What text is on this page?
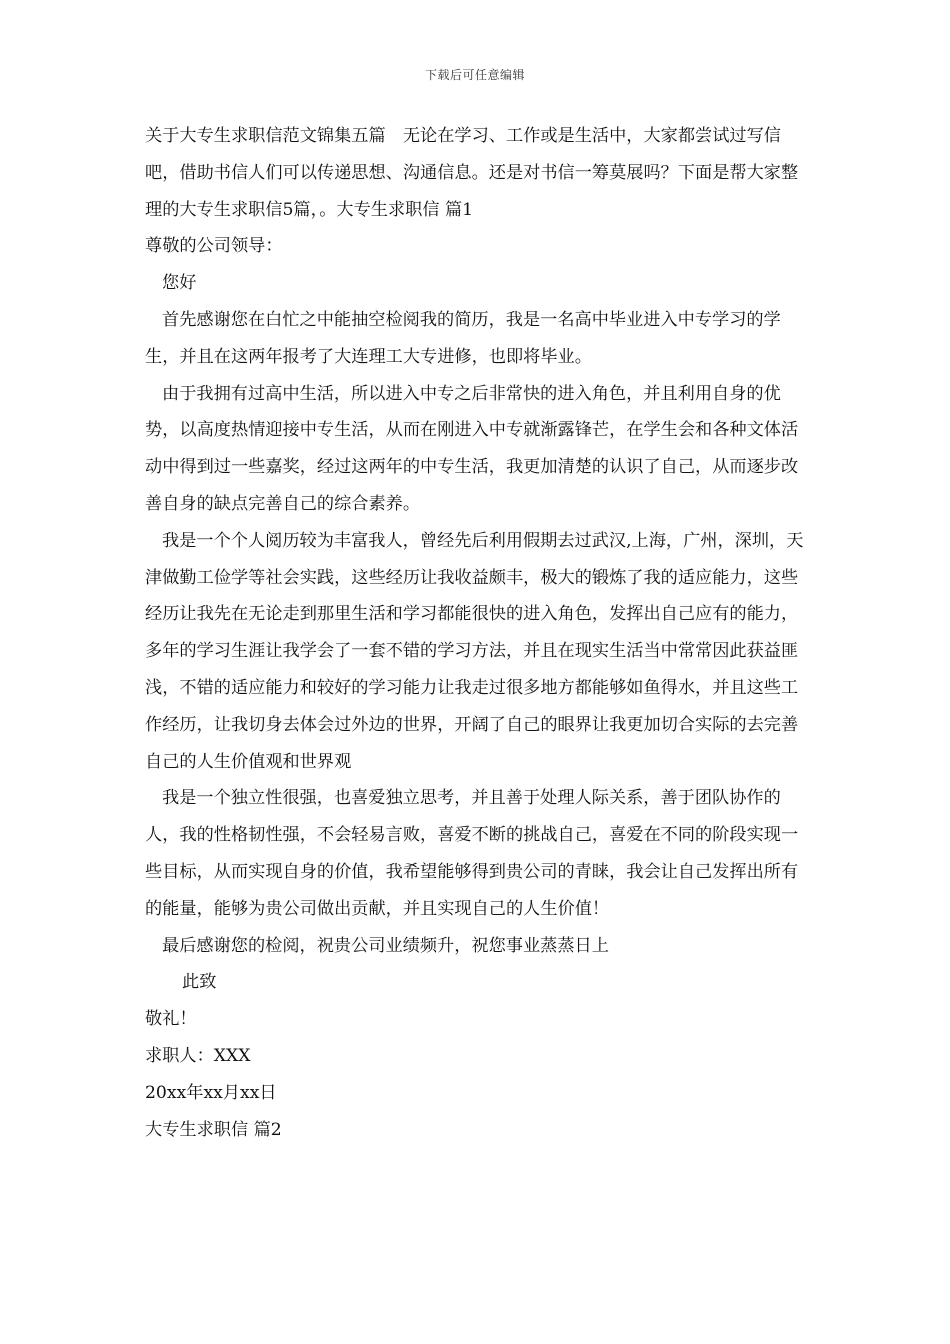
下载后可任意编辑

关于大专生求职信范文锦集五篇　无论在学习、工作或是生活中，大家都尝试过写信吧，借助书信人们可以传递思想、沟通信息。还是对书信一筹莫展吗？下面是帮大家整理的大专生求职信5篇，。大专生求职信 篇1

尊敬的公司领导：

您好

首先感谢您在白忙之中能抽空检阅我的简历，我是一名高中毕业进入中专学习的学生，并且在这两年报考了大连理工大专进修，也即将毕业。

由于我拥有过高中生活，所以进入中专之后非常快的进入角色，并且利用自身的优势，以高度热情迎接中专生活，从而在刚进入中专就渐露锋芒，在学生会和各种文体活动中得到过一些嘉奖，经过这两年的中专生活，我更加清楚的认识了自己，从而逐步改善自身的缺点完善自己的综合素养。

我是一个个人阅历较为丰富我人，曾经先后利用假期去过武汉,上海，广州，深圳，天津做勤工俭学等社会实践，这些经历让我收益颇丰，极大的锻炼了我的适应能力，这些经历让我先在无论走到那里生活和学习都能很快的进入角色，发挥出自己应有的能力，多年的学习生涯让我学会了一套不错的学习方法，并且在现实生活当中常常因此获益匪浅，不错的适应能力和较好的学习能力让我走过很多地方都能够如鱼得水，并且这些工作经历，让我切身去体会过外边的世界，开阔了自己的眼界让我更加切合实际的去完善自己的人生价值观和世界观

我是一个独立性很强，也喜爱独立思考，并且善于处理人际关系，善于团队协作的人，我的性格韧性强，不会轻易言败，喜爱不断的挑战自己，喜爱在不同的阶段实现一些目标，从而实现自身的价值，我希望能够得到贵公司的青睐，我会让自己发挥出所有的能量，能够为贵公司做出贡献，并且实现自己的人生价值！

最后感谢您的检阅，祝贵公司业绩频升，祝您事业蒸蒸日上

此致

敬礼！

求职人：XXX

20xx年xx月xx日

大专生求职信 篇2
